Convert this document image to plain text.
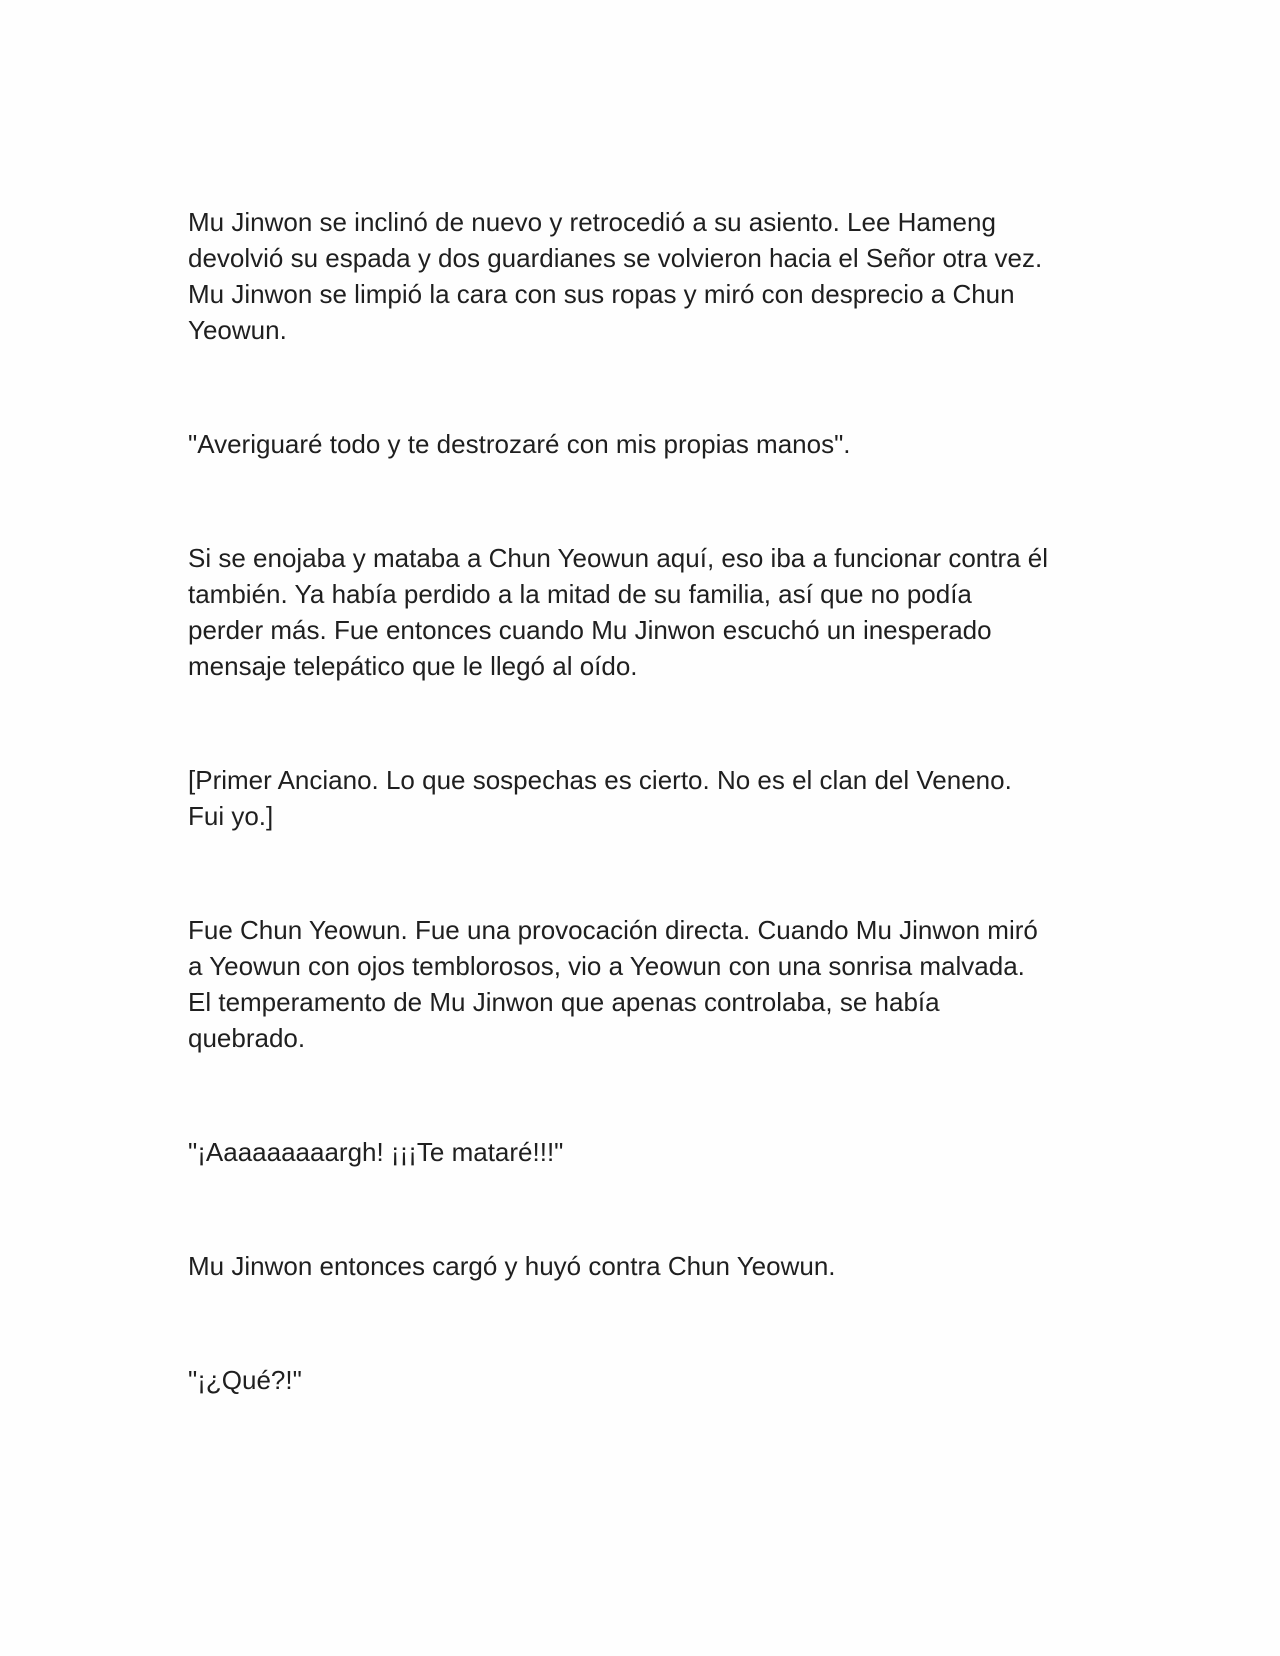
Mu Jinwon se inclinó de nuevo y retrocedió a su asiento. Lee Hameng
devolvió su espada y dos guardianes se volvieron hacia el Señor otra vez.
Mu Jinwon se limpió la cara con sus ropas y miró con desprecio a Chun
Yeowun.

"Averiguaré todo y te destrozaré con mis propias manos".

Si se enojaba y mataba a Chun Yeowun aquí, eso iba a funcionar contra él
también. Ya había perdido a la mitad de su familia, así que no podía
perder más. Fue entonces cuando Mu Jinwon escuchó un inesperado
mensaje telepático que le llegó al oído.

[Primer Anciano. Lo que sospechas es cierto. No es el clan del Veneno.
Fui yo.]

Fue Chun Yeowun. Fue una provocación directa. Cuando Mu Jinwon miró
a Yeowun con ojos temblorosos, vio a Yeowun con una sonrisa malvada.
El temperamento de Mu Jinwon que apenas controlaba, se había
quebrado.

"¡Aaaaaaaaargh! ¡¡¡Te mataré!!!"

Mu Jinwon entonces cargó y huyó contra Chun Yeowun.

"¡¿Qué?!"
